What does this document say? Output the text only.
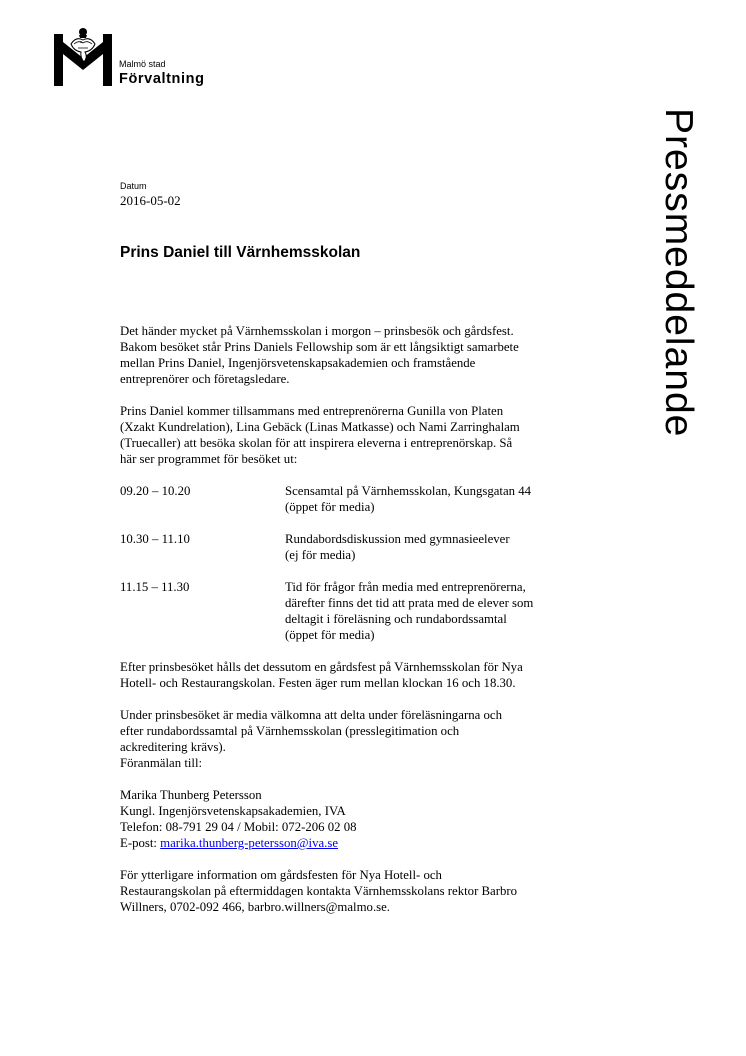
Malmö stad
Förvaltning
Pressmeddelande
Datum
2016-05-02
Prins Daniel till Värnhemsskolan

Det händer mycket på Värnhemsskolan i morgon – prinsbesök och gårdsfest.
Bakom besöket står Prins Daniels Fellowship som är ett långsiktigt samarbete
mellan Prins Daniel, Ingenjörsvetenskapsakademien och framstående
entreprenörer och företagsledare.

Prins Daniel kommer tillsammans med entreprenörerna Gunilla von Platen
(Xzakt Kundrelation), Lina Gebäck (Linas Matkasse) och Nami Zarringhalam
(Truecaller) att besöka skolan för att inspirera eleverna i entreprenörskap. Så
här ser programmet för besöket ut:

09.20 – 10.20	Scensamtal på Värnhemsskolan, Kungsgatan 44
(öppet för media)
10.30 – 11.10	Rundabordsdiskussion med gymnasieelever
(ej för media)
11.15 – 11.30	Tid för frågor från media med entreprenörerna,
därefter finns det tid att prata med de elever som
deltagit i föreläsning och rundabordssamtal
(öppet för media)

Efter prinsbesöket hålls det dessutom en gårdsfest på Värnhemsskolan för Nya
Hotell- och Restaurangskolan. Festen äger rum mellan klockan 16 och 18.30.

Under prinsbesöket är media välkomna att delta under föreläsningarna och
efter rundabordssamtal på Värnhemsskolan (presslegitimation och
ackreditering krävs).
Föranmälan till:

Marika Thunberg Petersson
Kungl. Ingenjörsvetenskapsakademien, IVA
Telefon: 08-791 29 04 / Mobil: 072-206 02 08
E-post: marika.thunberg-petersson@iva.se

För ytterligare information om gårdsfesten för Nya Hotell- och
Restaurangskolan på eftermiddagen kontakta Värnhemsskolans rektor Barbro
Willners, 0702-092 466, barbro.willners@malmo.se.
